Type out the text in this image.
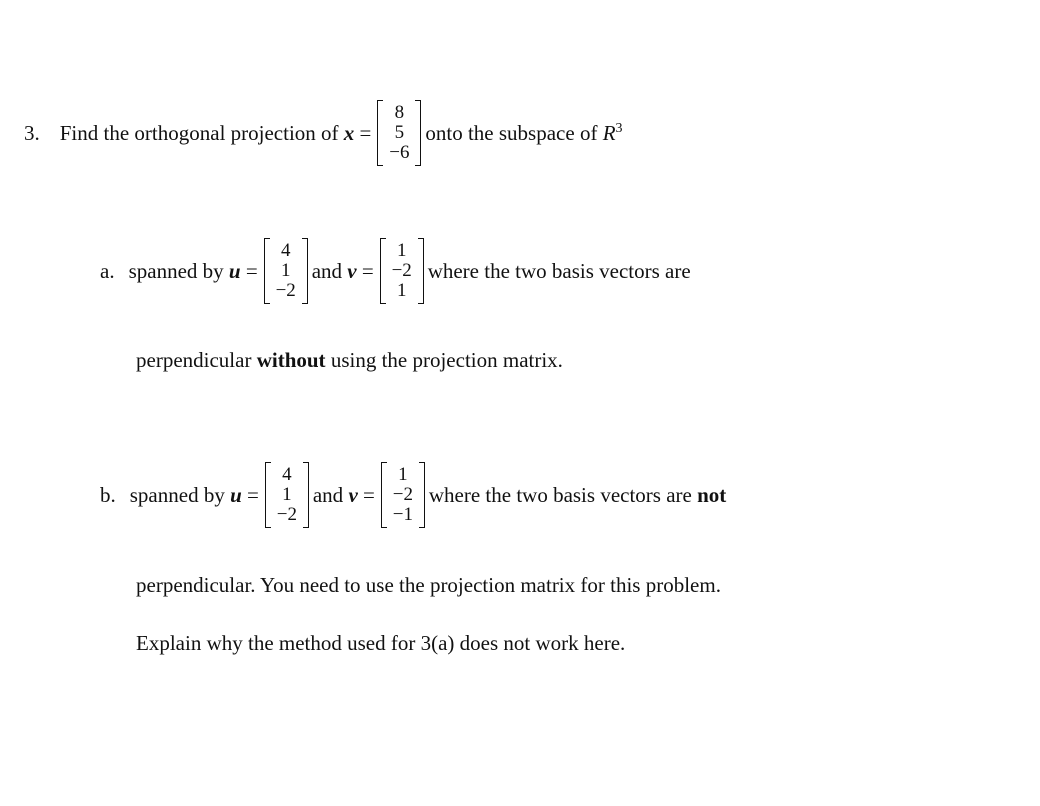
3. Find the orthogonal projection of
x
=
8
5
−6
onto the subspace of
$R^3$
a. spanned by
u
=
4
1
−2
and
v
=
1
−2
1
where the two basis vectors are
perpendicular without using the projection matrix.
b. spanned by
u
=
4
1
−2
and
v
=
1
−2
−1
where the two basis vectors are
not
perpendicular. You need to use the projection matrix for this problem.
Explain why the method used for 3(a) does not work here.
